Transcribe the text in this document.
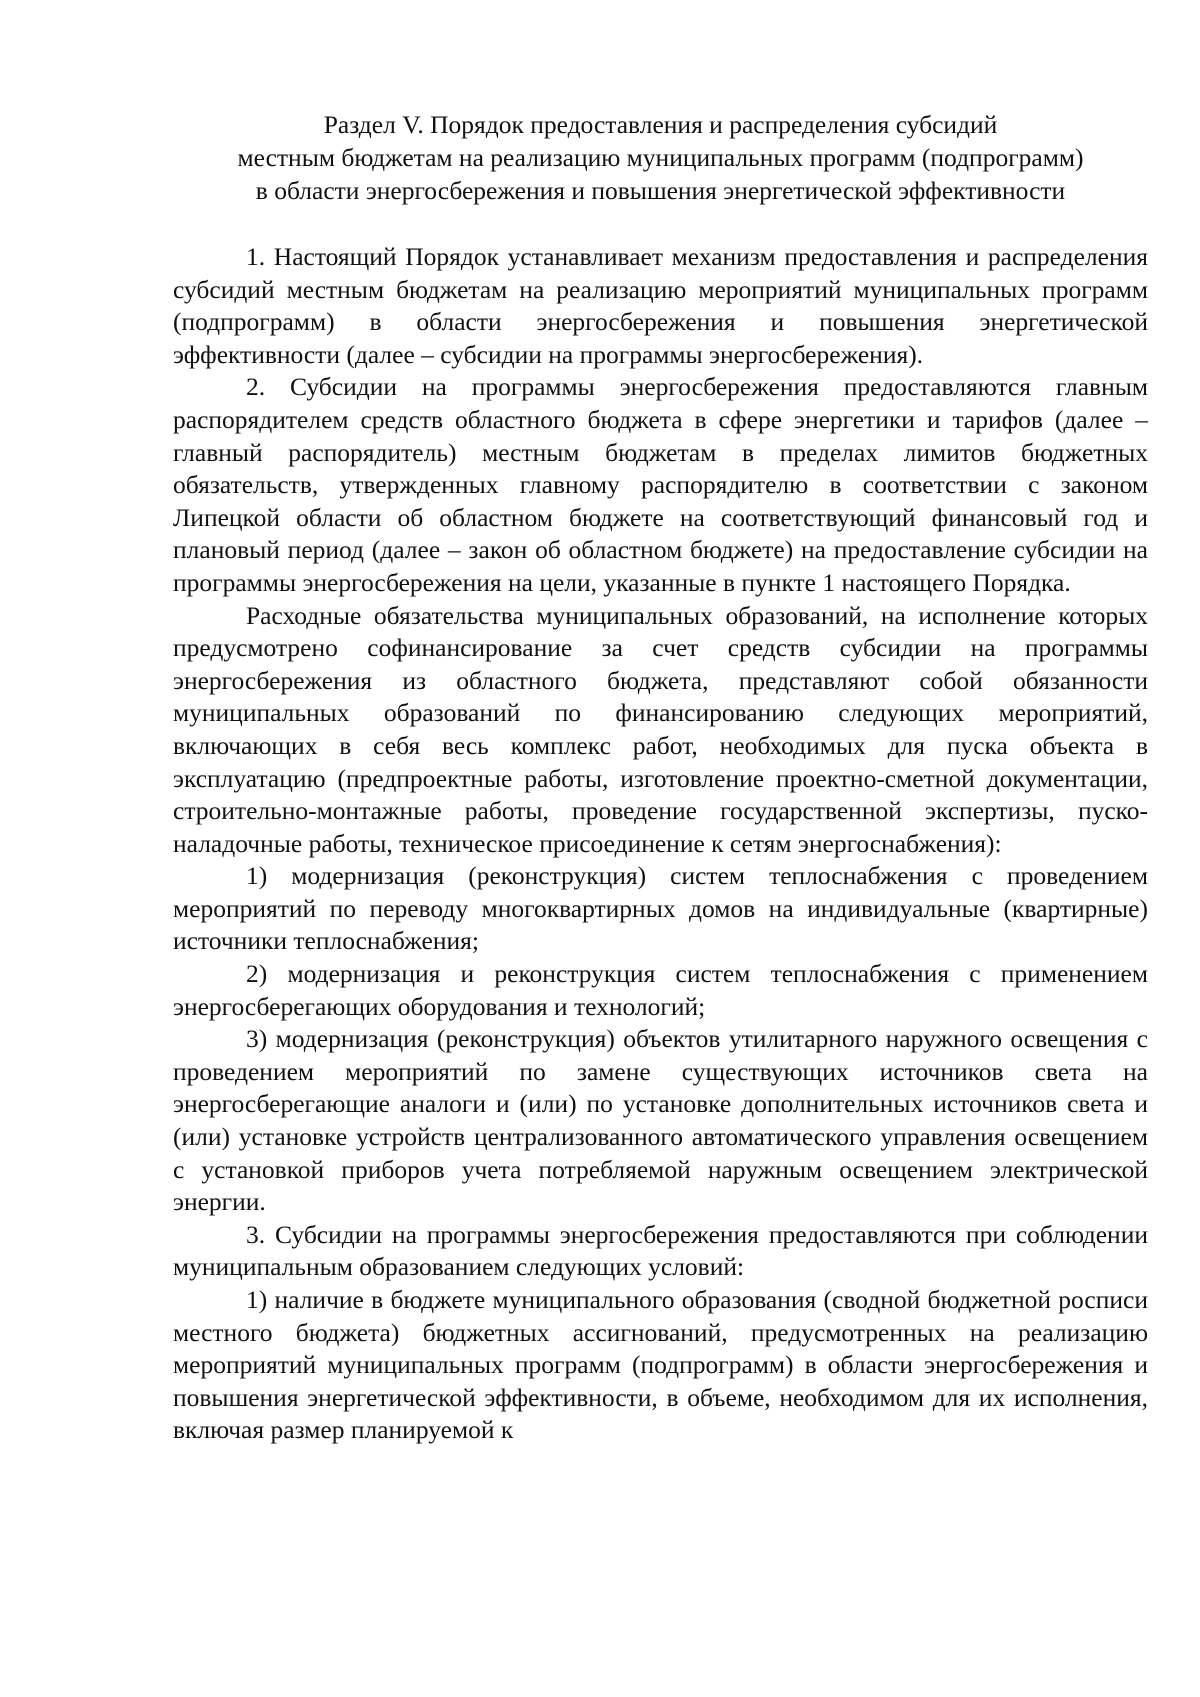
Раздел V. Порядок предоставления и распределения субсидий
местным бюджетам на реализацию муниципальных программ (подпрограмм)
в области энергосбережения и повышения энергетической эффективности

1. Настоящий Порядок устанавливает механизм предоставления и распределения субсидий местным бюджетам на реализацию мероприятий муниципальных программ (подпрограмм) в области энергосбережения и повышения энергетической эффективности (далее – субсидии на программы энергосбережения).

2. Субсидии на программы энергосбережения предоставляются главным распорядителем средств областного бюджета в сфере энергетики и тарифов (далее – главный распорядитель) местным бюджетам в пределах лимитов бюджетных обязательств, утвержденных главному распорядителю в соответствии с законом Липецкой области об областном бюджете на соответствующий финансовый год и плановый период (далее – закон об областном бюджете) на предоставление субсидии на программы энергосбережения на цели, указанные в пункте 1 настоящего Порядка.

Расходные обязательства муниципальных образований, на исполнение которых предусмотрено софинансирование за счет средств субсидии на программы энергосбережения из областного бюджета, представляют собой обязанности муниципальных образований по финансированию следующих мероприятий, включающих в себя весь комплекс работ, необходимых для пуска объекта в эксплуатацию (предпроектные работы, изготовление проектно-сметной документации, строительно-монтажные работы, проведение государственной экспертизы, пуско-наладочные работы, техническое присоединение к сетям энергоснабжения):

1) модернизация (реконструкция) систем теплоснабжения с проведением мероприятий по переводу многоквартирных домов на индивидуальные (квартирные) источники теплоснабжения;

2) модернизация и реконструкция систем теплоснабжения с применением энергосберегающих оборудования и технологий;

3) модернизация (реконструкция) объектов утилитарного наружного освещения с проведением мероприятий по замене существующих источников света на энергосберегающие аналоги и (или) по установке дополнительных источников света и (или) установке устройств централизованного автоматического управления освещением с установкой приборов учета потребляемой наружным освещением электрической энергии.

3. Субсидии на программы энергосбережения предоставляются при соблюдении муниципальным образованием следующих условий:

1) наличие в бюджете муниципального образования (сводной бюджетной росписи местного бюджета) бюджетных ассигнований, предусмотренных на реализацию мероприятий муниципальных программ (подпрограмм) в области энергосбережения и повышения энергетической эффективности, в объеме, необходимом для их исполнения, включая размер планируемой к
